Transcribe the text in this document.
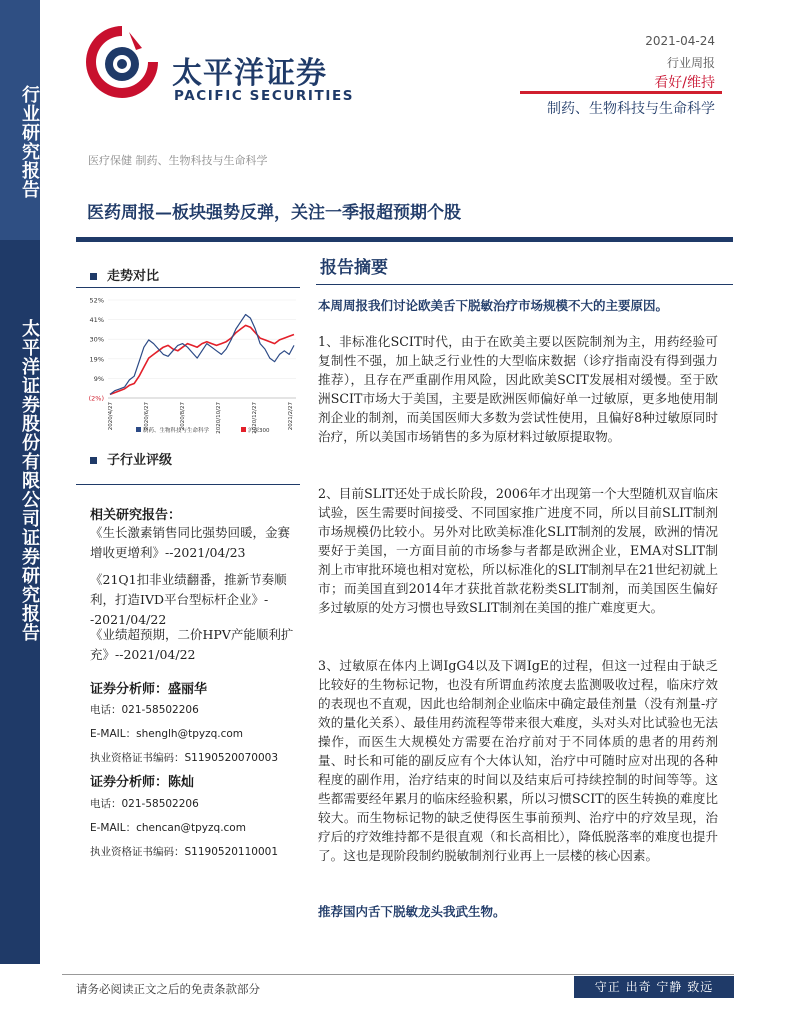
行业研究报告
太平洋证券股份有限公司证券研究报告
太平洋证券
PACIFIC SECURITIES
2021-04-24
行业周报
看好/维持
制药、生物科技与生命科学
医疗保健 制药、生物科技与生命科学
医药周报—板块强势反弹，关注一季报超预期个股
走势对比
52%
41%
30%
19%
9%
(2%)
2020/4/27	2020/6/27	2020/8/27	2020/10/27	2020/12/27	2021/2/27
制药、生物科技与生命科学	沪深300
子行业评级
相关研究报告：
《生长激素销售同比强势回暖，金赛增收更增利》--2021/04/23
《21Q1扣非业绩翻番，推新节奏顺利，打造IVD平台型标杆企业》--2021/04/22
《业绩超预期，二价HPV产能顺利扩充》--2021/04/22
证券分析师：盛丽华
电话：021-58502206
E-MAIL：shenglh@tpyzq.com
执业资格证书编码：S1190520070003
证券分析师：陈灿
电话：021-58502206
E-MAIL：chencan@tpyzq.com
执业资格证书编码：S1190520110001
报告摘要
本周周报我们讨论欧美舌下脱敏治疗市场规模不大的主要原因。
1、非标准化SCIT时代，由于在欧美主要以医院制剂为主，用药经验可复制性不强，加上缺乏行业性的大型临床数据（诊疗指南没有得到强力推荐），且存在严重副作用风险，因此欧美SCIT发展相对缓慢。至于欧洲SCIT市场大于美国，主要是欧洲医师偏好单一过敏原，更多地使用制剂企业的制剂，而美国医师大多数为尝试性使用，且偏好8种过敏原同时治疗，所以美国市场销售的多为原材料过敏原提取物。
2、目前SLIT还处于成长阶段，2006年才出现第一个大型随机双盲临床试验，医生需要时间接受、不同国家推广进度不同，所以目前SLIT制剂市场规模仍比较小。另外对比欧美标准化SLIT制剂的发展，欧洲的情况要好于美国，一方面目前的市场参与者都是欧洲企业，EMA对SLIT制剂上市审批环境也相对宽松，所以标准化的SLIT制剂早在21世纪初就上市；而美国直到2014年才获批首款花粉类SLIT制剂，而美国医生偏好多过敏原的处方习惯也导致SLIT制剂在美国的推广难度更大。
3、过敏原在体内上调IgG4以及下调IgE的过程，但这一过程由于缺乏比较好的生物标记物，也没有所谓血药浓度去监测吸收过程，临床疗效的表现也不直观，因此也给制剂企业临床中确定最佳剂量（没有剂量-疗效的量化关系）、最佳用药流程等带来很大难度，头对头对比试验也无法操作，而医生大规模处方需要在治疗前对于不同体质的患者的用药剂量、时长和可能的副反应有个大体认知，治疗中可随时应对出现的各种程度的副作用，治疗结束的时间以及结束后可持续控制的时间等等。这些都需要经年累月的临床经验积累，所以习惯SCIT的医生转换的难度比较大。而生物标记物的缺乏使得医生事前预判、治疗中的疗效呈现，治疗后的疗效维持都不是很直观（和长高相比），降低脱落率的难度也提升了。这也是现阶段制约脱敏制剂行业再上一层楼的核心因素。
推荐国内舌下脱敏龙头我武生物。
请务必阅读正文之后的免责条款部分	守正 出奇 宁静 致远
